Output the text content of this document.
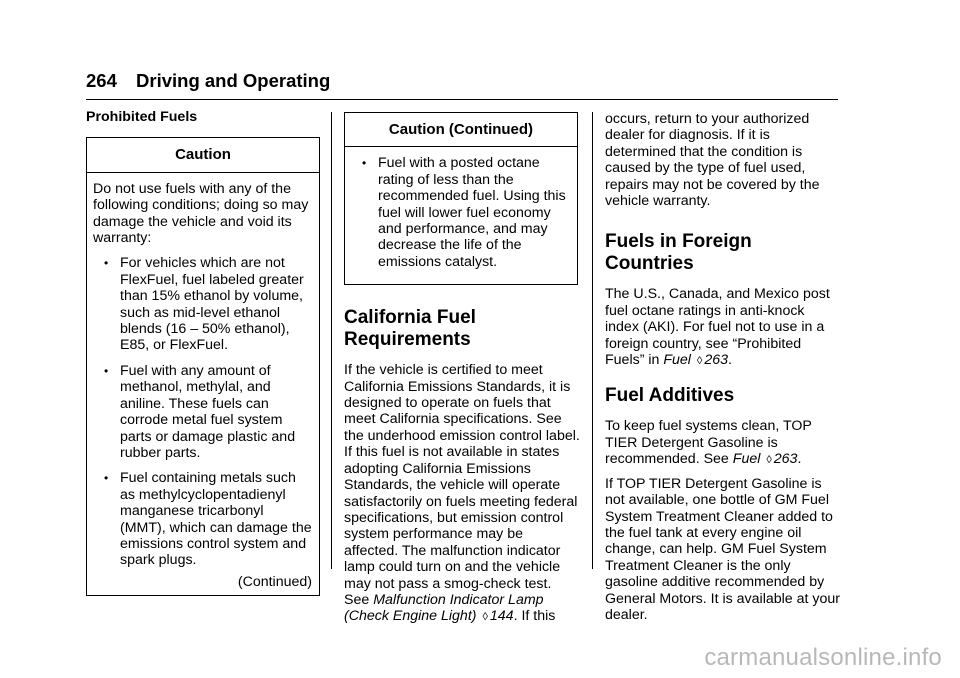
264 Driving and Operating
Prohibited Fuels
Caution

Do not use fuels with any of the following conditions; doing so may damage the vehicle and void its warranty:

• For vehicles which are not FlexFuel, fuel labeled greater than 15% ethanol by volume, such as mid-level ethanol blends (16 – 50% ethanol), E85, or FlexFuel.
• Fuel with any amount of methanol, methylal, and aniline. These fuels can corrode metal fuel system parts or damage plastic and rubber parts.
• Fuel containing metals such as methylcyclopentadienyl manganese tricarbonyl (MMT), which can damage the emissions control system and spark plugs.
(Continued)
Caution (Continued)
• Fuel with a posted octane rating of less than the recommended fuel. Using this fuel will lower fuel economy and performance, and may decrease the life of the emissions catalyst.
California Fuel Requirements

If the vehicle is certified to meet California Emissions Standards, it is designed to operate on fuels that meet California specifications. See the underhood emission control label. If this fuel is not available in states adopting California Emissions Standards, the vehicle will operate satisfactorily on fuels meeting federal specifications, but emission control system performance may be affected. The malfunction indicator lamp could turn on and the vehicle may not pass a smog-check test. See Malfunction Indicator Lamp (Check Engine Light) ◊ 144. If this

occurs, return to your authorized dealer for diagnosis. If it is determined that the condition is caused by the type of fuel used, repairs may not be covered by the vehicle warranty.

Fuels in Foreign Countries

The U.S., Canada, and Mexico post fuel octane ratings in anti-knock index (AKI). For fuel not to use in a foreign country, see “Prohibited Fuels” in Fuel ◊ 263.

Fuel Additives

To keep fuel systems clean, TOP TIER Detergent Gasoline is recommended. See Fuel ◊ 263.

If TOP TIER Detergent Gasoline is not available, one bottle of GM Fuel System Treatment Cleaner added to the fuel tank at every engine oil change, can help. GM Fuel System Treatment Cleaner is the only gasoline additive recommended by General Motors. It is available at your dealer.

carmanualsonline.info
